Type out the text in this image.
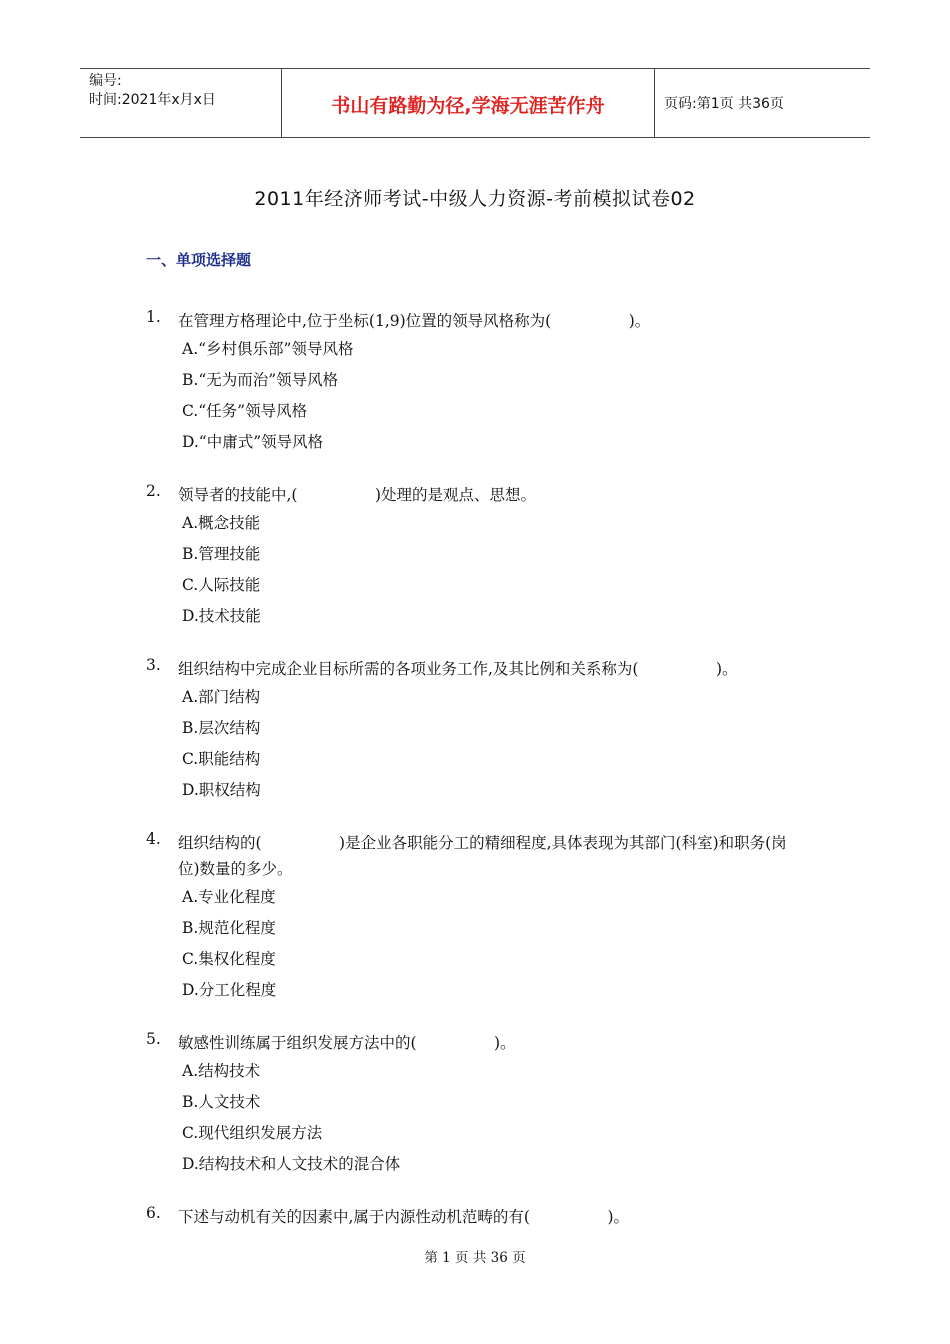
编号:
时间:2021年x月x日	书山有路勤为径,学海无涯苦作舟	页码:第1页 共36页
2011年经济师考试-中级人力资源-考前模拟试卷02
一、单项选择题
1. 在管理方格理论中,位于坐标(1,9)位置的领导风格称为(　　　　　)。
A.“乡村俱乐部”领导风格
B.“无为而治”领导风格
C.“任务”领导风格
D.“中庸式”领导风格
2. 领导者的技能中,(　　　　　)处理的是观点、思想。
A.概念技能
B.管理技能
C.人际技能
D.技术技能
3. 组织结构中完成企业目标所需的各项业务工作,及其比例和关系称为(　　　　　)。
A.部门结构
B.层次结构
C.职能结构
D.职权结构
4. 组织结构的(　　　　　)是企业各职能分工的精细程度,具体表现为其部门(科室)和职务(岗位)数量的多少。
A.专业化程度
B.规范化程度
C.集权化程度
D.分工化程度
5. 敏感性训练属于组织发展方法中的(　　　　　)。
A.结构技术
B.人文技术
C.现代组织发展方法
D.结构技术和人文技术的混合体
6. 下述与动机有关的因素中,属于内源性动机范畴的有(　　　　　)。
第 1 页 共 36 页
